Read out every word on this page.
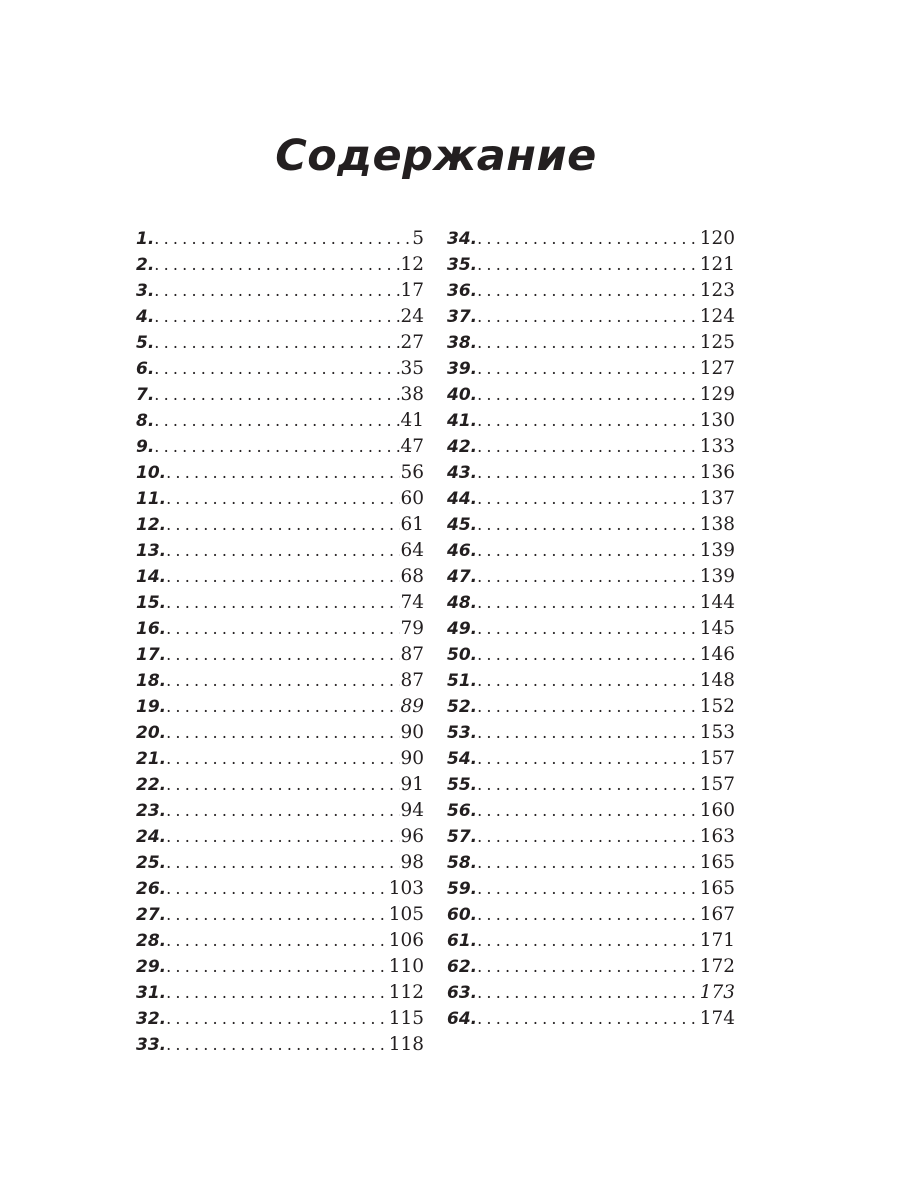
Содержание
1. .....	5
2. .....	12
3. .....	17
4. .....	24
5. .....	27
6. .....	35
7. .....	38
8. .....	41
9. .....	47
10. .....	56
11. .....	60
12. .....	61
13. .....	64
14. .....	68
15. .....	74
16. .....	79
17. .....	87
18. .....	87
19. .....	89
20. .....	90
21. .....	90
22. .....	91
23. .....	94
24. .....	96
25. .....	98
26. .....	103
27. .....	105
28. .....	106
29. .....	110
31. .....	112
32. .....	115
33. .....	118
34. .....	120
35. .....	121
36. .....	123
37. .....	124
38. .....	125
39. .....	127
40. .....	129
41. .....	130
42. .....	133
43. .....	136
44. .....	137
45. .....	138
46. .....	139
47. .....	139
48. .....	144
49. .....	145
50. .....	146
51. .....	148
52. .....	152
53. .....	153
54. .....	157
55. .....	157
56. .....	160
57. .....	163
58. .....	165
59. .....	165
60. .....	167
61. .....	171
62. .....	172
63. .....	173
64. .....	174
